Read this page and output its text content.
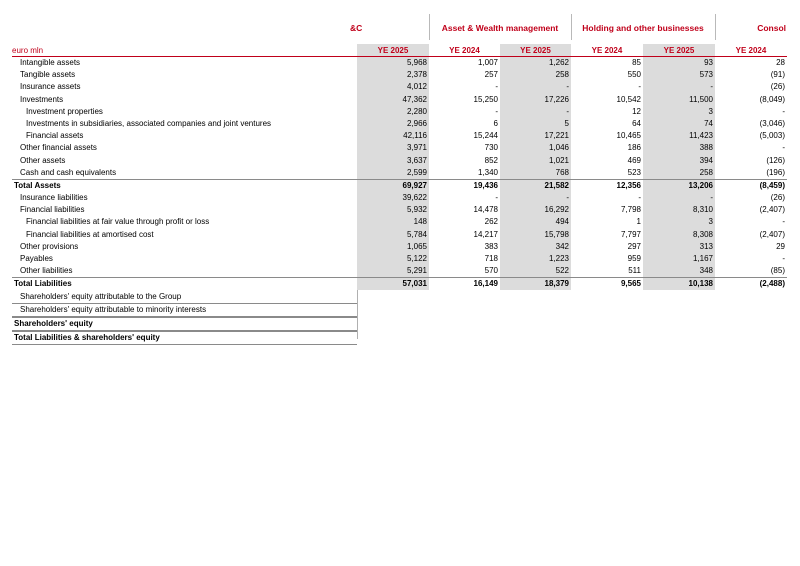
&C	Asset & Wealth management	Holding and other businesses	Consol
euro mln	YE 2025	YE 2024	YE 2025	YE 2024	YE 2025	YE 2024
Intangible assets	5,968	1,007	1,262	85	93	28
Tangible assets	2,378	257	258	550	573	(91)
Insurance assets	4,012	-	-	-	-	(26)
Investments	47,362	15,250	17,226	10,542	11,500	(8,049)
Investment properties	2,280	-	-	12	3	-
Investments in subsidiaries, associated companies and joint ventures	2,966	6	5	64	74	(3,046)
Financial assets	42,116	15,244	17,221	10,465	11,423	(5,003)
Other financial assets	3,971	730	1,046	186	388	-
Other assets	3,637	852	1,021	469	394	(126)
Cash and cash equivalents	2,599	1,340	768	523	258	(196)
Total Assets	69,927	19,436	21,582	12,356	13,206	(8,459)
Insurance liabilities	39,622	-	-	-	-	(26)
Financial liabilities	5,932	14,478	16,292	7,798	8,310	(2,407)
Financial liabilities at fair value through profit or loss	148	262	494	1	3	-
Financial liabilities at amortised cost	5,784	14,217	15,798	7,797	8,308	(2,407)
Other provisions	1,065	383	342	297	313	29
Payables	5,122	718	1,223	959	1,167	-
Other liabilities	5,291	570	522	511	348	(85)
Total Liabilities	57,031	16,149	18,379	9,565	10,138	(2,488)
Shareholders' equity attributable to the Group
Shareholders' equity attributable to minority interests
Shareholders' equity
Total Liabilities & shareholders' equity
